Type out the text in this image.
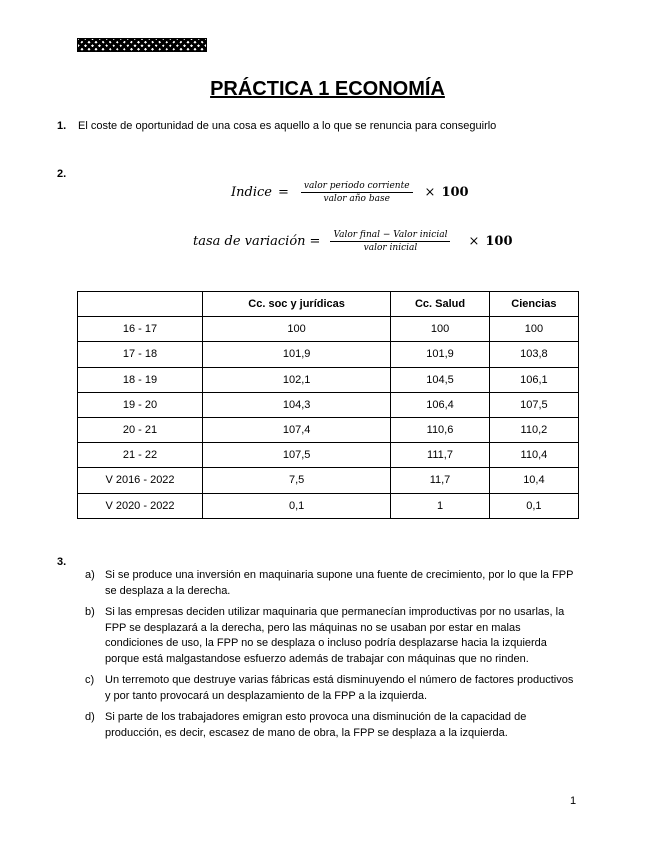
PRÁCTICA 1 ECONOMÍA
1. El coste de oportunidad de una cosa es aquello a lo que se renuncia para conseguirlo
2.
Indice = $\frac{\text{valor periodo corriente}}{\text{valor año base}} \times 100$
tasa de variación = $\frac{\text{Valor final − Valor inicial}}{\text{valor inicial}} \times 100$
	Cc. soc y jurídicas	Cc. Salud	Ciencias
16 - 17	100	100	100
17 - 18	101,9	101,9	103,8
18 - 19	102,1	104,5	106,1
19 - 20	104,3	106,4	107,5
20 - 21	107,4	110,6	110,2
21 - 22	107,5	111,7	110,4
V 2016 - 2022	7,5	11,7	10,4
V 2020 - 2022	0,1	1	0,1
3.
a) Si se produce una inversión en maquinaria supone una fuente de crecimiento, por lo que la FPP se desplaza a la derecha.
b) Si las empresas deciden utilizar maquinaria que permanecían improductivas por no usarlas, la FPP se desplazará a la derecha, pero las máquinas no se usaban por estar en malas condiciones de uso, la FPP no se desplaza o incluso podría desplazarse hacia la izquierda porque está malgastandose esfuerzo además de trabajar con máquinas que no rinden.
c) Un terremoto que destruye varias fábricas está disminuyendo el número de factores productivos y por tanto provocará un desplazamiento de la FPP a la izquierda.
d) Si parte de los trabajadores emigran esto provoca una disminución de la capacidad de producción, es decir, escasez de mano de obra, la FPP se desplaza a la izquierda.
1
